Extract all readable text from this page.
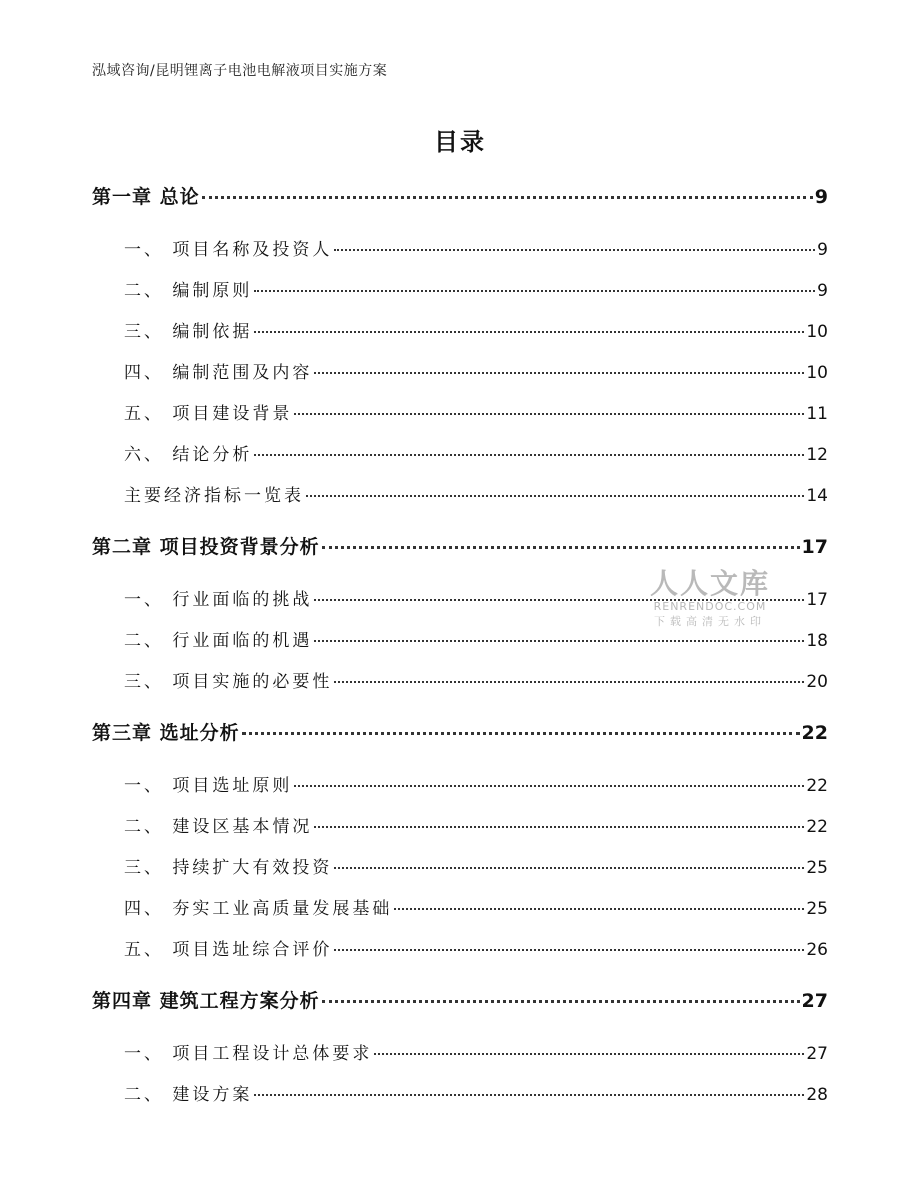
泓域咨询/昆明锂离子电池电解液项目实施方案
目录
第一章 总论	9
一、 项目名称及投资人	9
二、 编制原则	9
三、 编制依据	10
四、 编制范围及内容	10
五、 项目建设背景	11
六、 结论分析	12
主要经济指标一览表	14
第二章 项目投资背景分析	17
一、 行业面临的挑战	17
二、 行业面临的机遇	18
三、 项目实施的必要性	20
第三章 选址分析	22
一、 项目选址原则	22
二、 建设区基本情况	22
三、 持续扩大有效投资	25
四、 夯实工业高质量发展基础	25
五、 项目选址综合评价	26
第四章 建筑工程方案分析	27
一、 项目工程设计总体要求	27
二、 建设方案	28
人人文库
RENRENDOC.COM
下载高清无水印
